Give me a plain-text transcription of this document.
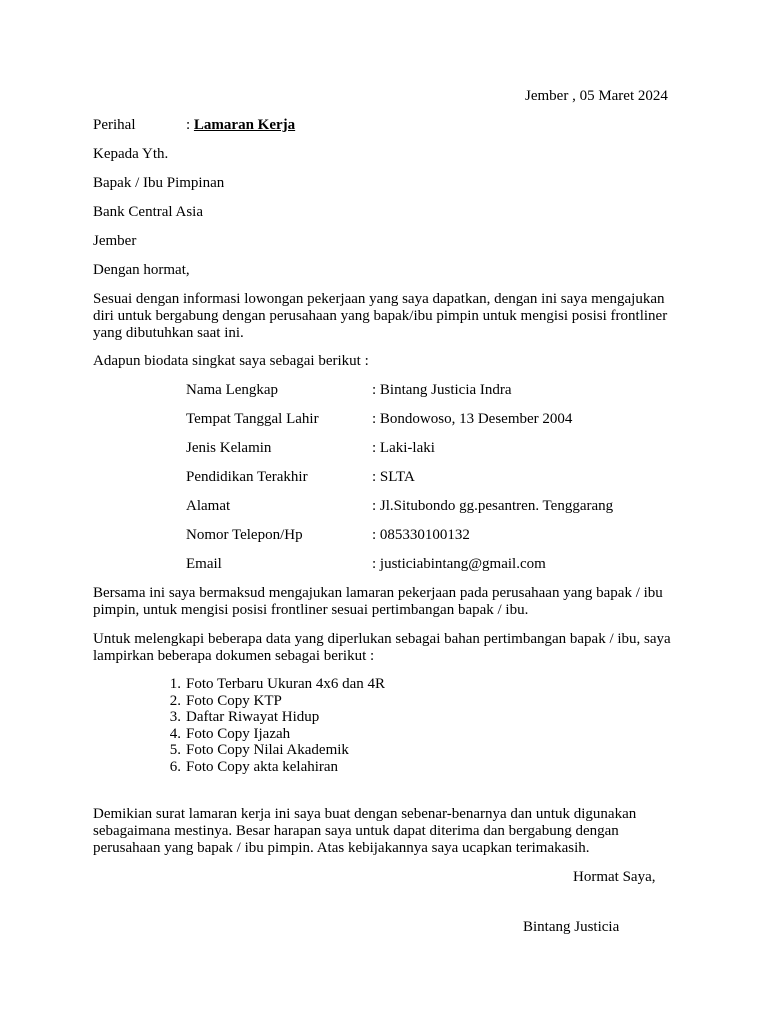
Jember , 05 Maret 2024
Perihal	: Lamaran Kerja
Kepada Yth.
Bapak / Ibu Pimpinan
Bank Central Asia
Jember
Dengan hormat,
Sesuai dengan informasi lowongan pekerjaan yang saya dapatkan, dengan ini saya mengajukan diri untuk bergabung dengan perusahaan yang bapak/ibu pimpin untuk mengisi posisi frontliner yang dibutuhkan saat ini.
Adapun biodata singkat saya sebagai berikut :
Nama Lengkap	: Bintang Justicia Indra
Tempat Tanggal Lahir	: Bondowoso, 13 Desember 2004
Jenis Kelamin	: Laki-laki
Pendidikan Terakhir	: SLTA
Alamat	: Jl.Situbondo gg.pesantren. Tenggarang
Nomor Telepon/Hp	: 085330100132
Email	: justiciabintang@gmail.com
Bersama ini saya bermaksud mengajukan lamaran pekerjaan pada perusahaan yang bapak / ibu pimpin, untuk mengisi posisi frontliner sesuai pertimbangan bapak / ibu.
Untuk melengkapi beberapa data yang diperlukan sebagai bahan pertimbangan bapak / ibu, saya lampirkan beberapa dokumen sebagai berikut :
1. Foto Terbaru Ukuran 4x6 dan 4R
2. Foto Copy KTP
3. Daftar Riwayat Hidup
4. Foto Copy Ijazah
5. Foto Copy Nilai Akademik
6. Foto Copy akta kelahiran
Demikian surat lamaran kerja ini saya buat dengan sebenar-benarnya dan untuk digunakan sebagaimana mestinya. Besar harapan saya untuk dapat diterima dan bergabung dengan perusahaan yang bapak / ibu pimpin. Atas kebijakannya saya ucapkan terimakasih.
Hormat Saya,
Bintang Justicia
